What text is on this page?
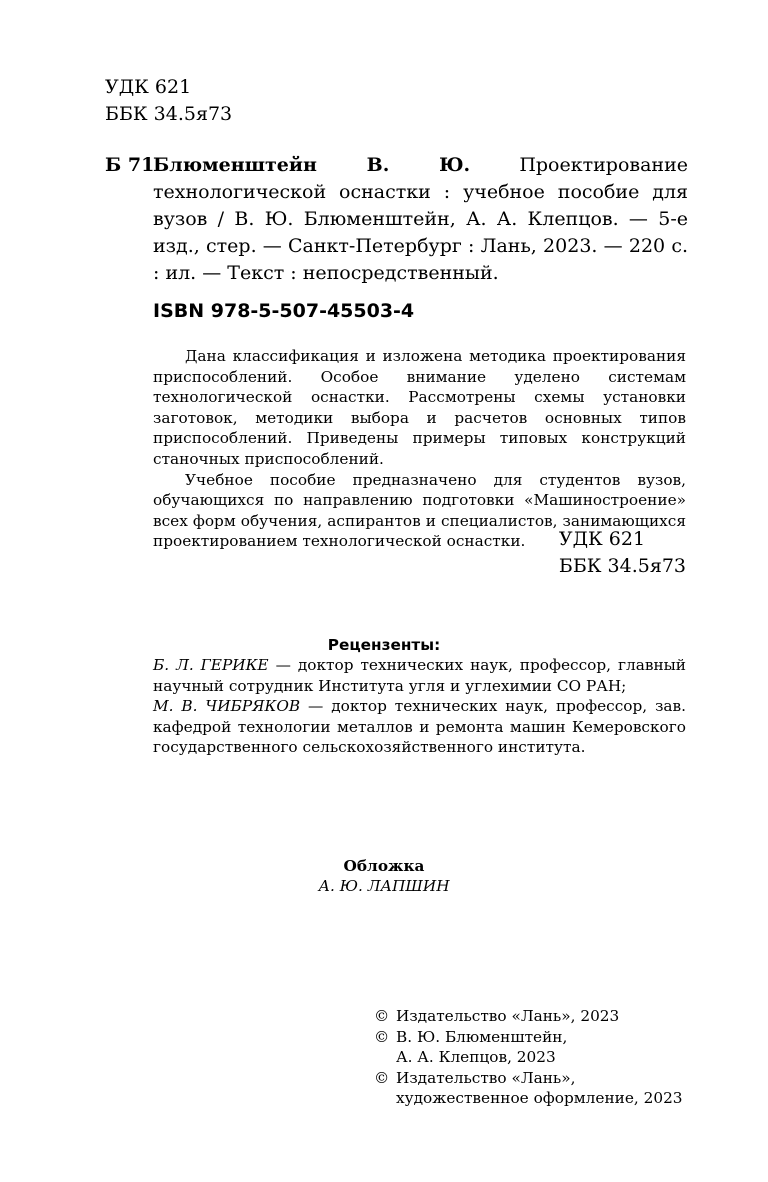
УДК 621
ББК 34.5я73
Б 71
Блюменштейн В. Ю.	Проектирование технологической оснастки : учебное пособие для вузов / В. Ю. Блюменштейн, А. А. Клепцов. — 5-е изд., стер. — Санкт-Петербург : Лань, 2023. — 220 с. : ил. — Текст : непосредственный.
ISBN 978-5-507-45503-4

Дана классификация и изложена методика проектирования приспособлений. Особое внимание уделено системам технологической оснастки. Рассмотрены схемы установки заготовок, методики выбора и расчетов основных типов приспособлений. Приведены примеры типовых конструкций станочных приспособлений.

Учебное пособие предназначено для студентов вузов, обучающихся по направлению подготовки «Машиностроение» всех форм обучения, аспирантов и специалистов, занимающихся проектированием технологической оснастки.	УДК 621
ББК 34.5я73
Рецензенты:

Б. Л. ГЕРИКЕ — доктор технических наук, профессор, главный научный сотрудник Института угля и углехимии СО РАН;

М. В. ЧИБРЯКОВ — доктор технических наук, профессор, зав. кафедрой технологии металлов и ремонта машин Кемеровского государственного сельскохозяйственного института.

Обложка
А. Ю. ЛАПШИН
© Издательство «Лань», 2023
© В. Ю. Блюменштейн,
А. А. Клепцов, 2023
© Издательство «Лань»,
художественное оформление, 2023
